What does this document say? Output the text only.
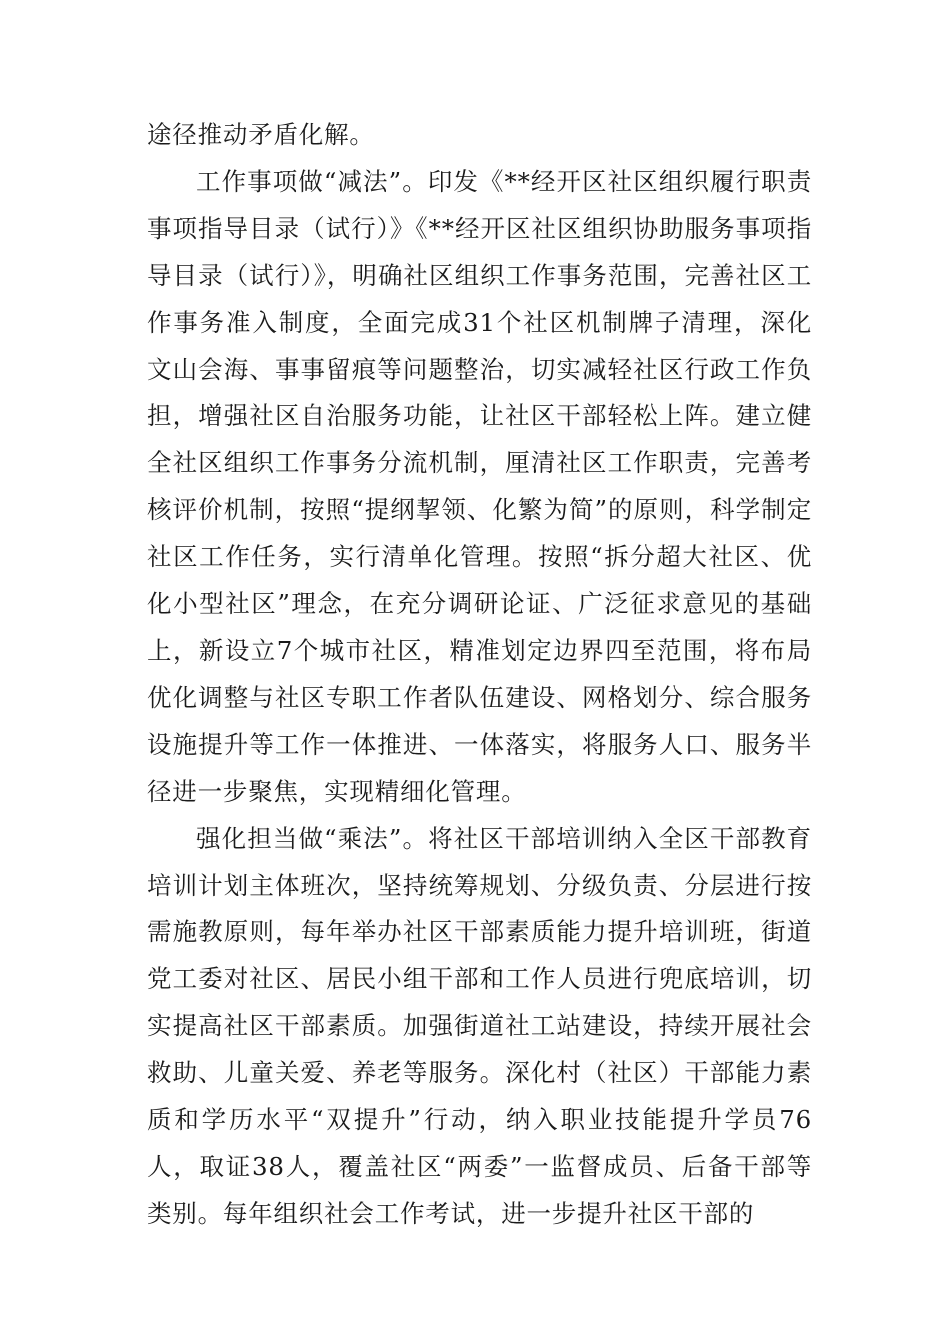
途径推动矛盾化解。

工作事项做“减法”。印发《**经开区社区组织履行职责事项指导目录（试行）》《**经开区社区组织协助服务事项指导目录（试行）》，明确社区组织工作事务范围，完善社区工作事务准入制度，全面完成31个社区机制牌子清理，深化文山会海、事事留痕等问题整治，切实减轻社区行政工作负担，增强社区自治服务功能，让社区干部轻松上阵。建立健全社区组织工作事务分流机制，厘清社区工作职责，完善考核评价机制，按照“提纲挈领、化繁为简”的原则，科学制定社区工作任务，实行清单化管理。按照“拆分超大社区、优化小型社区”理念，在充分调研论证、广泛征求意见的基础上，新设立7个城市社区，精准划定边界四至范围，将布局优化调整与社区专职工作者队伍建设、网格划分、综合服务设施提升等工作一体推进、一体落实，将服务人口、服务半径进一步聚焦，实现精细化管理。

强化担当做“乘法”。将社区干部培训纳入全区干部教育培训计划主体班次，坚持统筹规划、分级负责、分层进行按需施教原则，每年举办社区干部素质能力提升培训班，街道党工委对社区、居民小组干部和工作人员进行兜底培训，切实提高社区干部素质。加强街道社工站建设，持续开展社会救助、儿童关爱、养老等服务。深化村（社区）干部能力素质和学历水平“双提升”行动，纳入职业技能提升学员76人，取证38人，覆盖社区“两委”一监督成员、后备干部等类别。每年组织社会工作考试，进一步提升社区干部的
